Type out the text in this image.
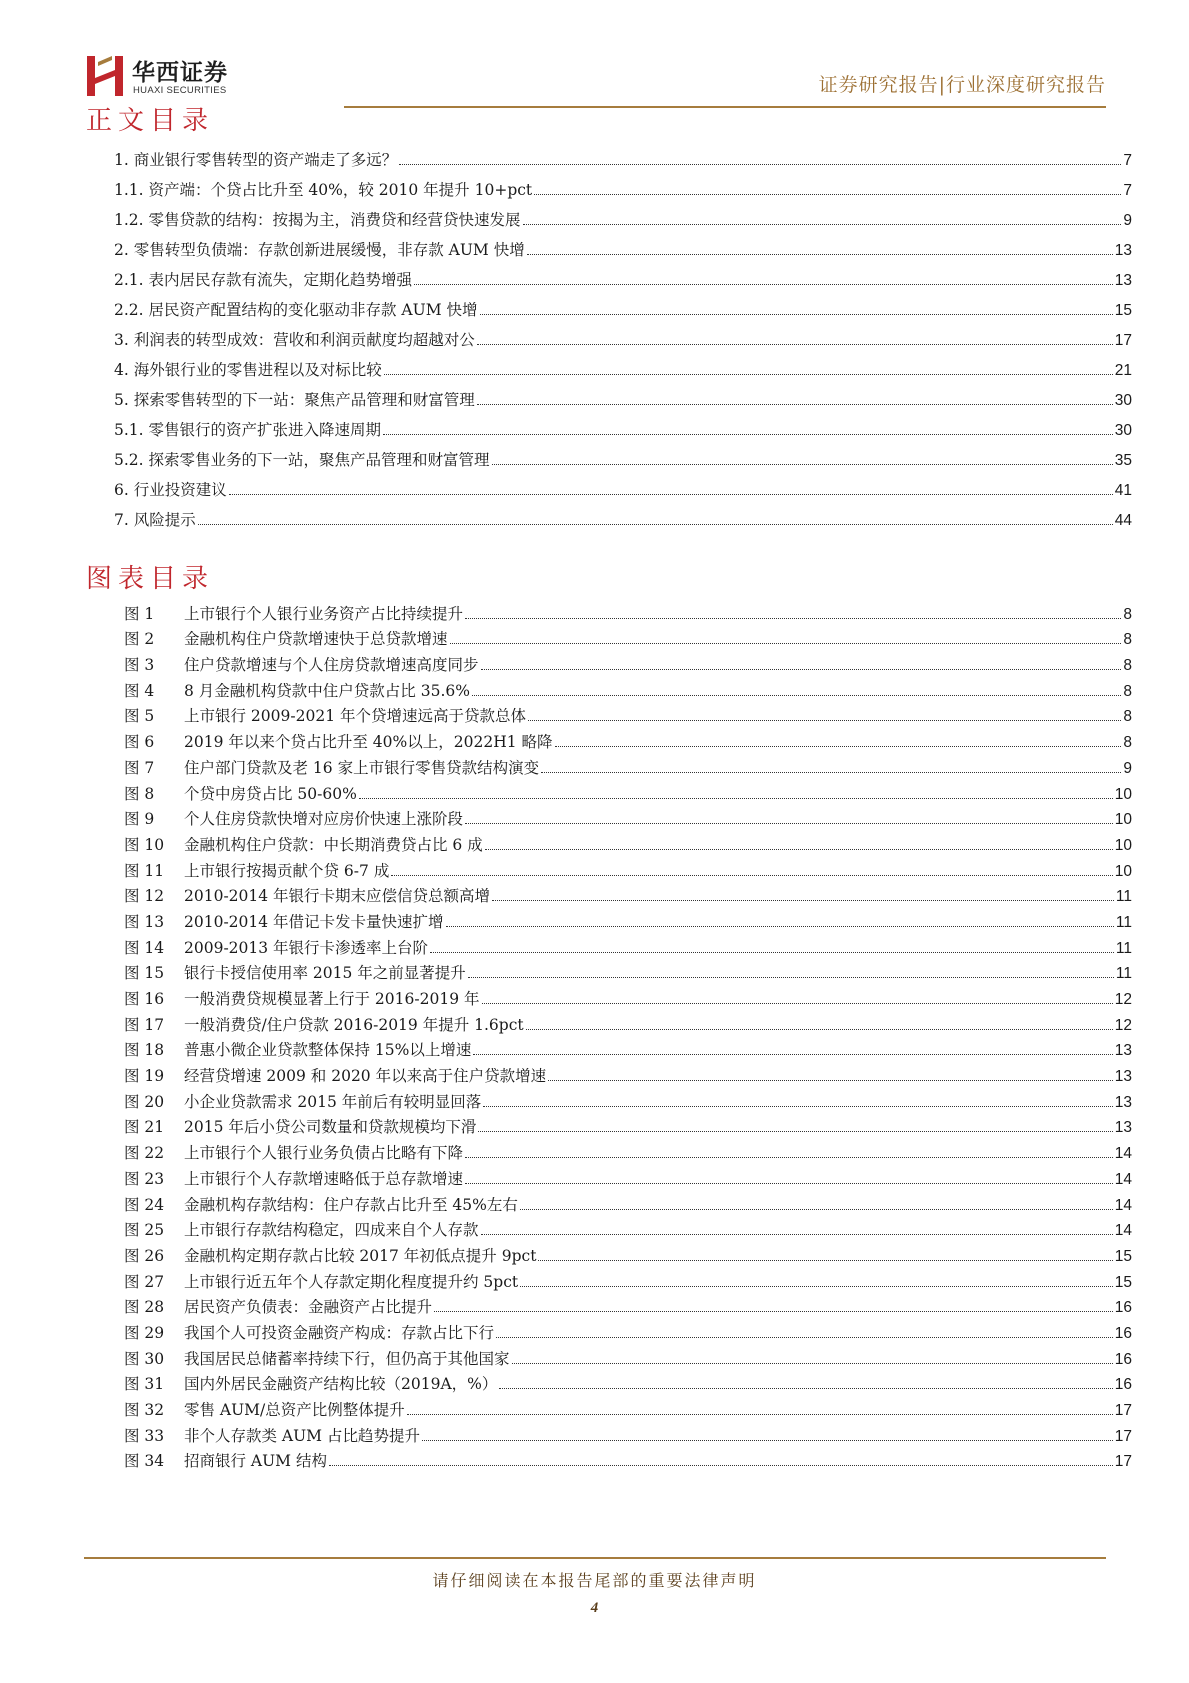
华西证券
HUAXI SECURITIES	证券研究报告|行业深度研究报告
正文目录
1. 商业银行零售转型的资产端走了多远？	7
1.1. 资产端：个贷占比升至 40%，较 2010 年提升 10+pct	7
1.2. 零售贷款的结构：按揭为主，消费贷和经营贷快速发展	9
2. 零售转型负债端：存款创新进展缓慢，非存款 AUM 快增	13
2.1. 表内居民存款有流失，定期化趋势增强	13
2.2. 居民资产配置结构的变化驱动非存款 AUM 快增	15
3. 利润表的转型成效：营收和利润贡献度均超越对公	17
4. 海外银行业的零售进程以及对标比较	21
5. 探索零售转型的下一站：聚焦产品管理和财富管理	30
5.1. 零售银行的资产扩张进入降速周期	30
5.2. 探索零售业务的下一站，聚焦产品管理和财富管理	35
6. 行业投资建议	41
7. 风险提示	44
图表目录
图 1	上市银行个人银行业务资产占比持续提升	8
图 2	金融机构住户贷款增速快于总贷款增速	8
图 3	住户贷款增速与个人住房贷款增速高度同步	8
图 4	8 月金融机构贷款中住户贷款占比 35.6%	8
图 5	上市银行 2009-2021 年个贷增速远高于贷款总体	8
图 6	2019 年以来个贷占比升至 40%以上，2022H1 略降	8
图 7	住户部门贷款及老 16 家上市银行零售贷款结构演变	9
图 8	个贷中房贷占比 50-60%	10
图 9	个人住房贷款快增对应房价快速上涨阶段	10
图 10	金融机构住户贷款：中长期消费贷占比 6 成	10
图 11	上市银行按揭贡献个贷 6-7 成	10
图 12	2010-2014 年银行卡期末应偿信贷总额高增	11
图 13	2010-2014 年借记卡发卡量快速扩增	11
图 14	2009-2013 年银行卡渗透率上台阶	11
图 15	银行卡授信使用率 2015 年之前显著提升	11
图 16	一般消费贷规模显著上行于 2016-2019 年	12
图 17	一般消费贷/住户贷款 2016-2019 年提升 1.6pct	12
图 18	普惠小微企业贷款整体保持 15%以上增速	13
图 19	经营贷增速 2009 和 2020 年以来高于住户贷款增速	13
图 20	小企业贷款需求 2015 年前后有较明显回落	13
图 21	2015 年后小贷公司数量和贷款规模均下滑	13
图 22	上市银行个人银行业务负债占比略有下降	14
图 23	上市银行个人存款增速略低于总存款增速	14
图 24	金融机构存款结构：住户存款占比升至 45%左右	14
图 25	上市银行存款结构稳定，四成来自个人存款	14
图 26	金融机构定期存款占比较 2017 年初低点提升 9pct	15
图 27	上市银行近五年个人存款定期化程度提升约 5pct	15
图 28	居民资产负债表：金融资产占比提升	16
图 29	我国个人可投资金融资产构成：存款占比下行	16
图 30	我国居民总储蓄率持续下行，但仍高于其他国家	16
图 31	国内外居民金融资产结构比较（2019A，%）	16
图 32	零售 AUM/总资产比例整体提升	17
图 33	非个人存款类 AUM 占比趋势提升	17
图 34	招商银行 AUM 结构	17
请仔细阅读在本报告尾部的重要法律声明
4
